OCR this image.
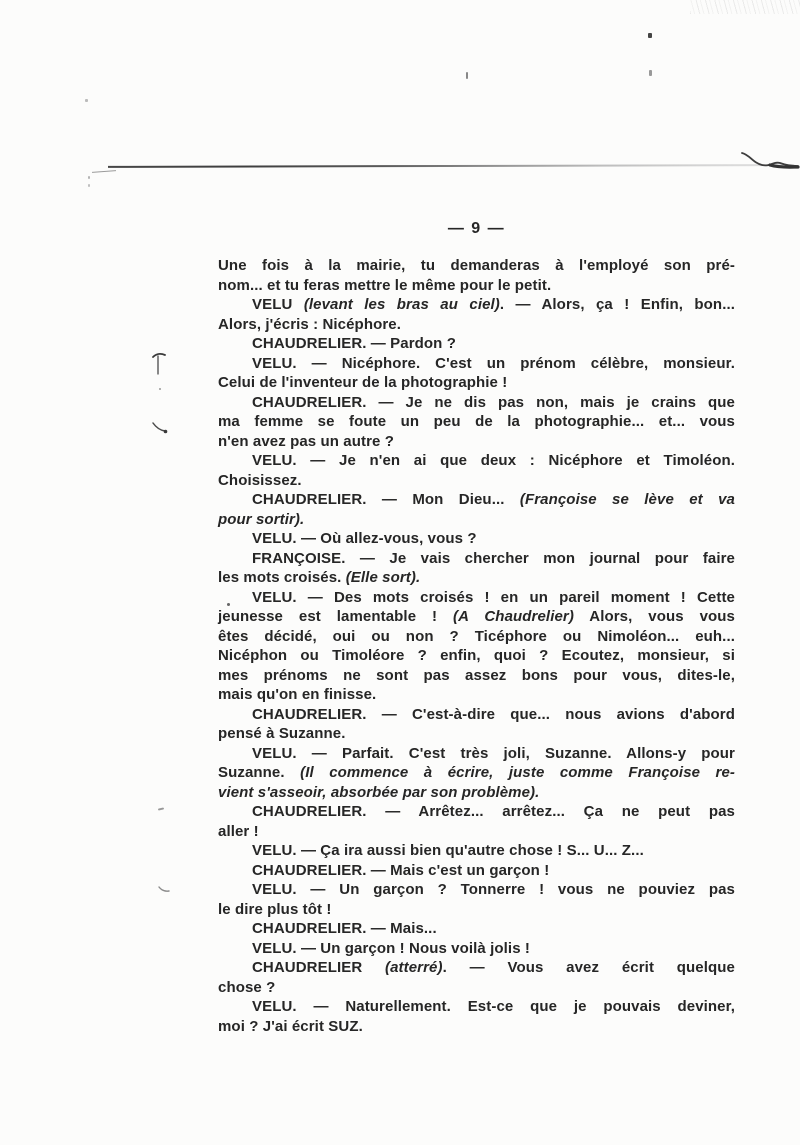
— 9 —
Une fois à la mairie, tu demanderas à l'employé son pré-
nom... et tu feras mettre le même pour le petit.
VELU (levant les bras au ciel). — Alors, ça ! Enfin, bon...
Alors, j'écris : Nicéphore.
CHAUDRELIER. — Pardon ?
VELU. — Nicéphore. C'est un prénom célèbre, monsieur.
Celui de l'inventeur de la photographie !
CHAUDRELIER. — Je ne dis pas non, mais je crains que
ma femme se foute un peu de la photographie... et... vous
n'en avez pas un autre ?
VELU. — Je n'en ai que deux : Nicéphore et Timoléon.
Choisissez.
CHAUDRELIER. — Mon Dieu... (Françoise se lève et va
pour sortir).
VELU. — Où allez-vous, vous ?
FRANÇOISE. — Je vais chercher mon journal pour faire
les mots croisés. (Elle sort).
VELU. — Des mots croisés ! en un pareil moment ! Cette
jeunesse est lamentable ! (A Chaudrelier) Alors, vous vous
êtes décidé, oui ou non ? Ticéphore ou Nimoléon... euh...
Nicéphon ou Timoléore ? enfin, quoi ? Ecoutez, monsieur, si
mes prénoms ne sont pas assez bons pour vous, dites-le,
mais qu'on en finisse.
CHAUDRELIER. — C'est-à-dire que... nous avions d'abord
pensé à Suzanne.
VELU. — Parfait. C'est très joli, Suzanne. Allons-y pour
Suzanne. (Il commence à écrire, juste comme Françoise re-
vient s'asseoir, absorbée par son problème).
CHAUDRELIER. — Arrêtez... arrêtez... Ça ne peut pas
aller !
VELU. — Ça ira aussi bien qu'autre chose ! S... U... Z...
CHAUDRELIER. — Mais c'est un garçon !
VELU. — Un garçon ? Tonnerre ! vous ne pouviez pas
le dire plus tôt !
CHAUDRELIER. — Mais...
VELU. — Un garçon ! Nous voilà jolis !
CHAUDRELIER (atterré). — Vous avez écrit quelque
chose ?
VELU. — Naturellement. Est-ce que je pouvais deviner,
moi ? J'ai écrit SUZ.
